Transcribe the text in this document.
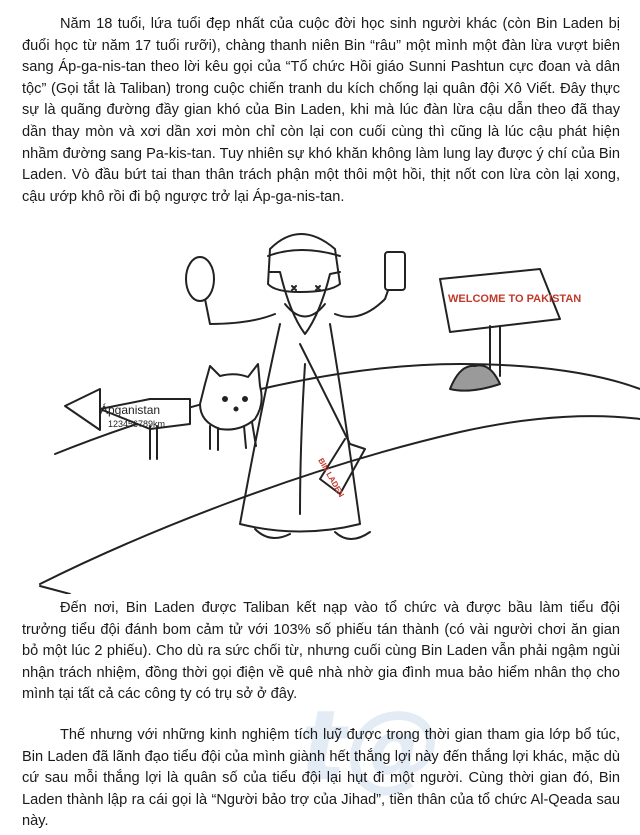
t@

Năm 18 tuổi, lứa tuổi đẹp nhất của cuộc đời học sinh người khác (còn Bin Laden bị đuổi học từ năm 17 tuổi rưỡi), chàng thanh niên Bin “râu” một mình một đàn lừa vượt biên sang Áp-ga-nis-tan theo lời kêu gọi của “Tổ chức Hồi giáo Sunni Pashtun cực đoan và dân tộc” (Gọi tắt là Taliban) trong cuộc chiến tranh du kích chống lại quân đội Xô Viết. Đây thực sự là quãng đường đầy gian khó của Bin Laden, khi mà lúc đàn lừa cậu dẫn theo đã thay dần thay mòn và xơi dần xơi mòn chỉ còn lại con cuối cùng thì cũng là lúc cậu phát hiện nhầm đường sang Pa-kis-tan. Tuy nhiên sự khó khăn không làm lung lay được ý chí của Bin Laden. Vò đầu bứt tai than thân trách phận một thôi một hồi, thịt nốt con lừa còn lại xong, cậu ướp khô rồi đi bộ ngược trở lại Áp-ga-nis-tan.

Ápganistan
123456789km
WELCOME TO PAKISTAN
BIN LADEN

Đến nơi, Bin Laden được Taliban kết nạp vào tổ chức và được bầu làm tiểu đội trưởng tiểu đội đánh bom cảm tử với 103% số phiếu tán thành (có vài người chơi ăn gian bỏ một lúc 2 phiếu). Cho dù ra sức chối từ, nhưng cuối cùng Bin Laden vẫn phải ngậm ngùi nhận trách nhiệm, đồng thời gọi điện về quê nhà nhờ gia đình mua bảo hiểm nhân thọ cho mình tại tất cả các công ty có trụ sở ở đây.

Thế nhưng với những kinh nghiệm tích luỹ được trong thời gian tham gia lớp bổ túc, Bin Laden đã lãnh đạo tiểu đội của mình giành hết thắng lợi này đến thắng lợi khác, mặc dù cứ sau mỗi thắng lợi là quân số của tiểu đội lại hụt đi một người. Cùng thời gian đó, Bin Laden thành lập ra cái gọi là “Người bảo trợ của Jihad”, tiền thân của tổ chức Al-Qeada sau này.
